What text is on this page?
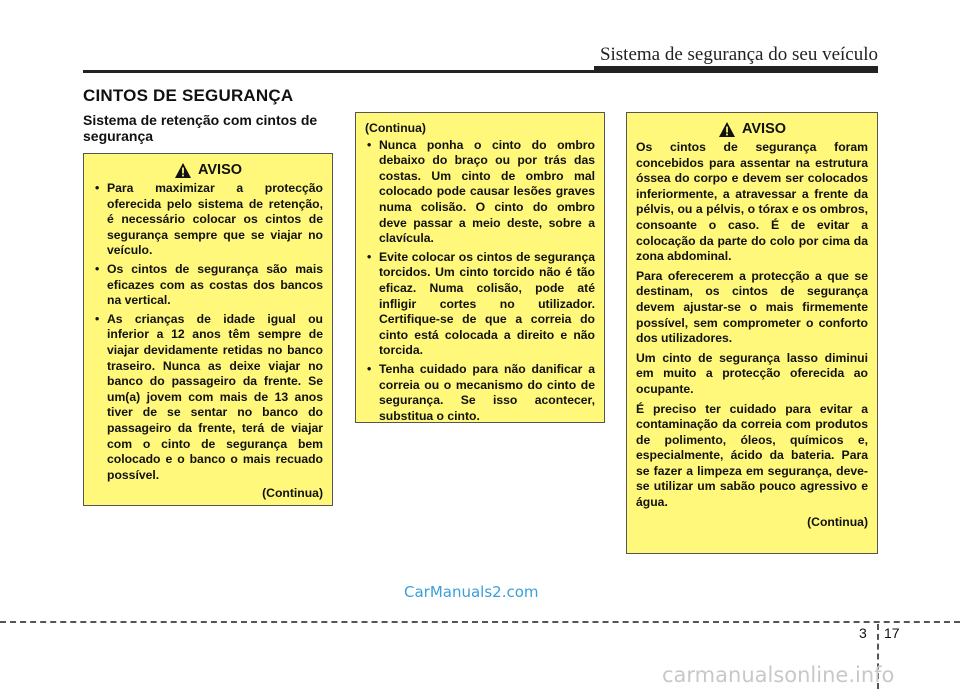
Sistema de segurança do seu veículo
CINTOS DE SEGURANÇA
Sistema de retenção com cintos de segurança
AVISO
• Para maximizar a protecção oferecida pelo sistema de retenção, é necessário colocar os cintos de segurança sempre que se viajar no veículo.
• Os cintos de segurança são mais eficazes com as costas dos bancos na vertical.
• As crianças de idade igual ou inferior a 12 anos têm sempre de viajar devidamente retidas no banco traseiro. Nunca as deixe viajar no banco do passageiro da frente. Se um(a) jovem com mais de 13 anos tiver de se sentar no banco do passageiro da frente, terá de viajar com o cinto de segurança bem colocado e o banco o mais recuado possível.
(Continua)
(Continua)
• Nunca ponha o cinto do ombro debaixo do braço ou por trás das costas. Um cinto de ombro mal colocado pode causar lesões graves numa colisão. O cinto do ombro deve passar a meio deste, sobre a clavícula.
• Evite colocar os cintos de segurança torcidos. Um cinto torcido não é tão eficaz. Numa colisão, pode até infligir cortes no utilizador. Certifique-se de que a correia do cinto está colocada a direito e não torcida.
• Tenha cuidado para não danificar a correia ou o mecanismo do cinto de segurança. Se isso acontecer, substitua o cinto.
AVISO

Os cintos de segurança foram concebidos para assentar na estrutura óssea do corpo e devem ser colocados inferiormente, a atravessar a frente da pélvis, ou a pélvis, o tórax e os ombros, consoante o caso. É de evitar a colocação da parte do colo por cima da zona abdominal.

Para oferecerem a protecção a que se destinam, os cintos de segurança devem ajustar-se o mais firmemente possível, sem comprometer o conforto dos utilizadores.

Um cinto de segurança lasso diminui em muito a protecção oferecida ao ocupante.

É preciso ter cuidado para evitar a contaminação da correia com produtos de polimento, óleos, químicos e, especialmente, ácido da bateria. Para se fazer a limpeza em segurança, deve-se utilizar um sabão pouco agressivo e água.

(Continua)
CarManuals2.com
3 17
carmanualsonline.info
